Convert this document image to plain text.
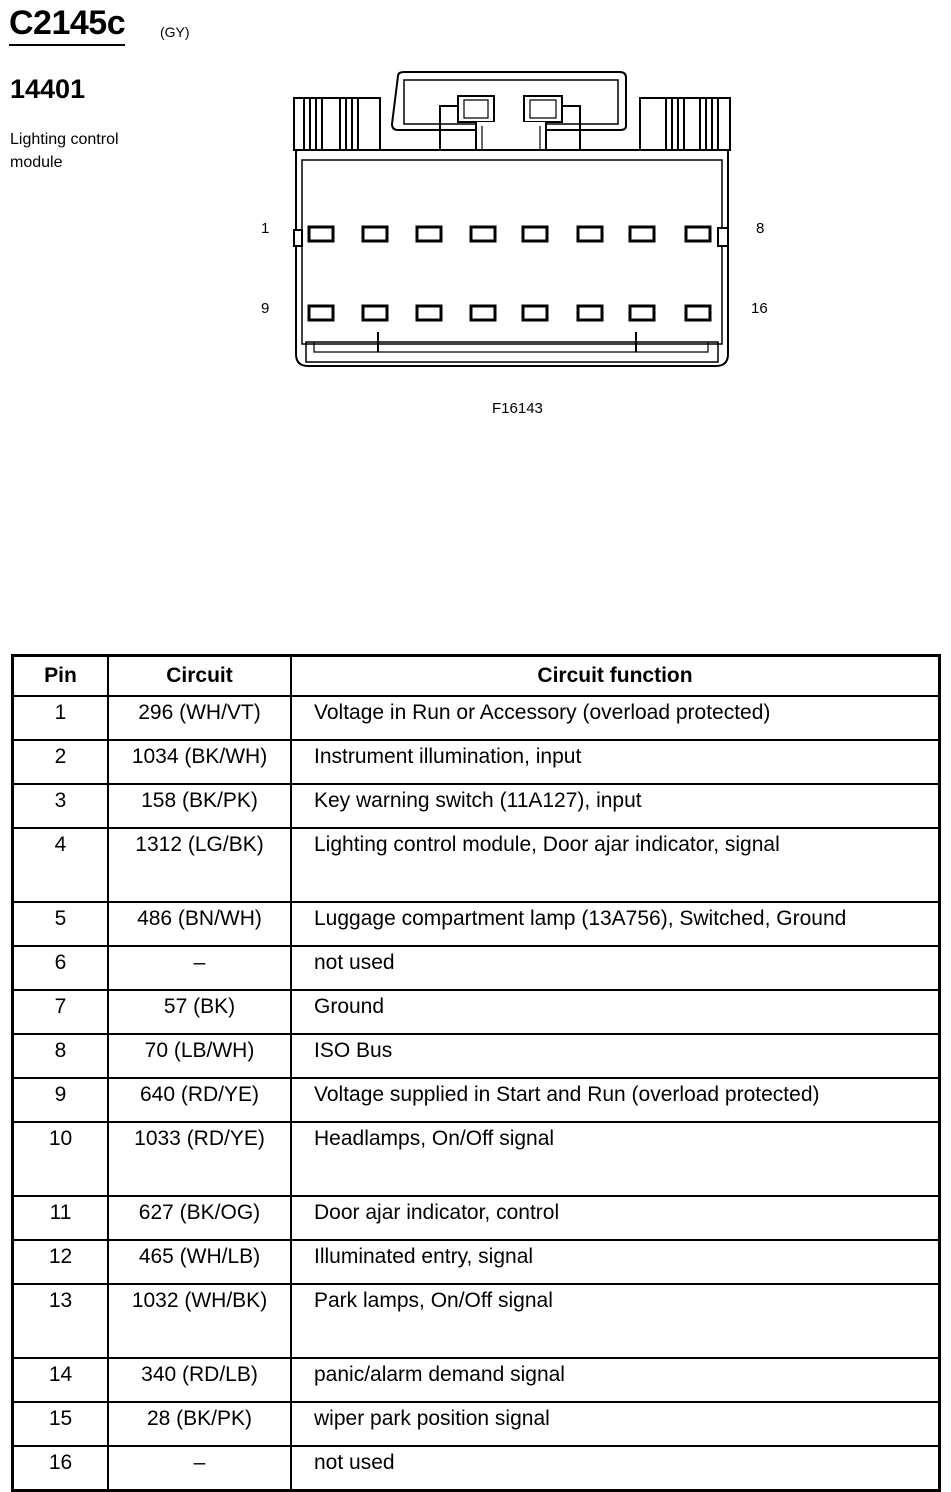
C2145c (GY)
14401
Lighting control module
1	8
9	16
F16143
Pin	Circuit	Circuit function
1	296 (WH/VT)	Voltage in Run or Accessory (overload protected)
2	1034 (BK/WH)	Instrument illumination, input
3	158 (BK/PK)	Key warning switch (11A127), input
4	1312 (LG/BK)	Lighting control module, Door ajar indicator, signal
5	486 (BN/WH)	Luggage compartment lamp (13A756), Switched, Ground
6	–	not used
7	57 (BK)	Ground
8	70 (LB/WH)	ISO Bus
9	640 (RD/YE)	Voltage supplied in Start and Run (overload protected)
10	1033 (RD/YE)	Headlamps, On/Off signal
11	627 (BK/OG)	Door ajar indicator, control
12	465 (WH/LB)	Illuminated entry, signal
13	1032 (WH/BK)	Park lamps, On/Off signal
14	340 (RD/LB)	panic/alarm demand signal
15	28 (BK/PK)	wiper park position signal
16	–	not used
